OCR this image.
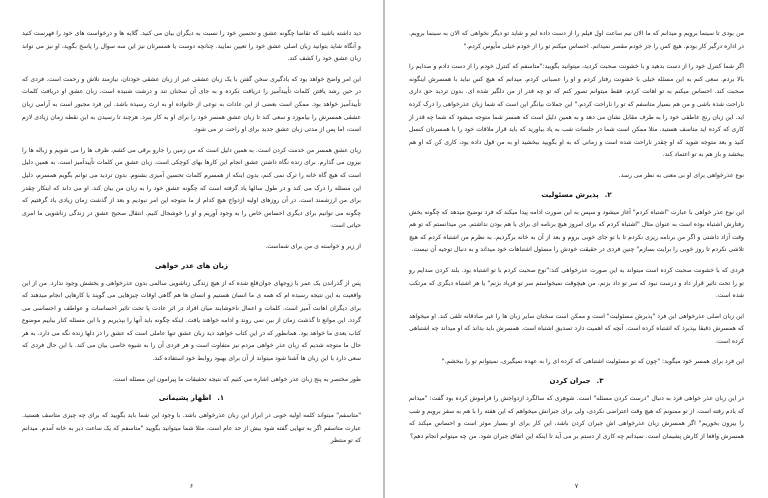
دید داشته باشید که تقاضا چگونه عشق و تحسین خود را نسبت به دیگران بیان می کنید. گلایه ها و درخواست های خود را فهرست کنید و آنگاه شاید بتوانید زبان اصلی عشق خود را تعیین نمایید. چنانچه دوست یا همسرتان نیز این سه سوال را پاسخ بگوید، او نیز می تواند زبان عشق خود را کشف کند.

این امر واضح خواهد بود که یادگیری سخن گفتن با یک زبان عشقی غیر از زبان عشقی خودتان، نیازمند تلاش و رحمت است. فردی که در حین رشد یافتن کلمات تأییدآمیز را دریافت نکرده و به جای آن سخنان تند و درشت شنیده است، زبان عشق او دریافت کلمات تأییدآمیز خواهد بود. ممکن است بعضی از این عادات به نوعی از خانواده او به ارث رسیده باشد. این فرد مجبور است به آرامی زبان عشقی همسرش را بیاموزد و سعی کند تا زبان عشق همسر خود را برای او به کار ببرد. هرچند تا رسیدن به این نقطه زمان زیادی لازم است، اما پس از مدتی زبان عشق جدید برای او راحت تر می شود.

زبان عشق همسر من خدمت کردن است. به همین دلیل است که من زمین را جارو برقی می کشم، ظرف ها را می شویم و زباله ها را بیرون می گذارم. برای زنده نگاه داشتن عشق انجام این کارها بهای کوچکی است. زبان عشق من کلمات تأییدآمیز است. به همین دلیل است که هیچ گاه خانه را ترک نمی کنم، بدون اینکه از همسرم کلمات تحسین آمیزی بشنوم. بدون تردید می توانم بگویم همسرم، دلیل این مسئله را درک می کند و در طول سالها یاد گرفته است که چگونه عشق خود را به زبان من بیان کند. او می داند که اینکار چقدر برای من ارزشمند است. در آن روزهای اولیه ازدواج هیچ کدام از ما متوجه این امر نبودیم و بعد از گذشت زمان زیادی یاد گرفتیم که چگونه می توانیم برای دیگری احساس خاص را به وجود آوریم و او را خوشحال کنیم. انتقال صحیح عشق در زندگی زناشویی ما امری حیاتی است.

از زیر و خواسته ی من برای شماست.

زبان های عذر خواهی

پس از گذراندن یک عمر با زوجهای جوان‌قلع شده که از هیچ زندگی زناشویی سالمی بدون عذرخواهی و بخشش وجود ندارد. من از این واقعیت به این نتیجه رسیده ام که همه ی ما انسان هستیم و انسان ها هم گاهی اوقات چیزهایی می گویند یا کارهایی انجام میدهند که برای دیگران اهانت آمیز است. کلمات و اعمال ناخوشایند میان افراد در اثر عادت یا تحت تاثیر احساسات و عواطف و احساسی می گردد. این موانع تا گذشت زمان از بین نمی روند و ادامه خواهند یافت. اینکه چگونه باید آنها را بپذیریم و با این مسئله کنار بیاییم موضوع کتاب بعدی ما خواهد بود. همانطور که در این کتاب خواهید دید زبان عشق تنها عاملی است که عشق را در دلها زنده نگه می دارد. به هر حال ما متوجه شدیم که زبان عذر خواهی مردم نیز متفاوت است و هر فردی آن را به شیوه خاصی بیان می کند. با این حال فردی که سعی دارد با این زبان ها آشنا شود میتواند از آن برای بهبود روابط خود استفاده کند.

طور مختصر به پنج زبان عذر خواهی اشاره می کنیم که نتیجه تحقیقات ما پیرامون این مسئله است.

۱.اظهار پشیمانی

"متاسفم" میتواند کلمه اولیه خوبی در ابراز این زبان عذرخواهی باشد. با وجود این شما باید بگویید که برای چه چیزی متاسف هستید. عبارت متاسفم اگر به تنهایی گفته شود بیش از حد عام است. مثلا شما میتوانید بگویید "متاسفم که یک ساعت دیر به خانه آمدم. میدانم که تو منتظر

۶

من بودی تا سینما برویم و میدانم که ما الان نیم ساعت اول فیلم را از دست داده ایم و شاید تو دیگر نخواهی که الان به سینما برویم. در اداره درگیر کار بودم. هیچ کس را جز خودم مقصر نمیدانم. احساس میکنم تو را از خودم خیلی مأیوس کردم."

اگر شما کنترل خود را از دست بدهید و با خشونت صحبت کردید، میتوانید بگویید:"متاسفم که کنترل خودم را از دست دادم و صدایم را بالا بردم. سعی کنم به این مسئله خیلی با خشونت رفتار کردم و او را عصبانی کردم. میدانم که هیچ کس نباید با همسرش اینگونه صحبت کند. احساس میکنم به تو اهانت کردم. فقط میتوانم تصور کنم که تو چه قدر از من دلگیر شده ای. بدون تردید حق داری ناراحت شده باشی و من هم بسیار متاسفم که تو را ناراحت کردم." این جملات بیانگر این است که شما زبان عذرخواهی را درک کرده اید. این زبان رنج عاطفی خود را به طرف مقابل نشان می دهد و به همین دلیل است که همسر شما متوجه میشود که شما چه قدر از کاری که کرده اید متاسف هستید. مثلا ممکن است شما در جلسات شب به یاد بیاورید که باید قرار ملاقات خود را با همسرتان کنسل کنید و بعد متوجه شوید که او چقدر ناراحت شده است و زمانی که به او بگویید ببخشید او به من قول داده بود، کاری کن که او هم ببخشد و باز هم به تو اعتماد کند.

نوع عذرخواهی برای او بی معنی به نظر می رسد.

۲.پذیرش مسئولیت

این نوع عذر خواهی با عبارت "اشتباه کردم" آغاز میشود و سپس به این صورت ادامه پیدا میکند که فرد توضیح میدهد که چگونه بخش رفتارش اشتباه بوده است به عنوان مثال "اشتباه کردم که برای امروز هیچ برنامه ای برای با هم بودن نداشتم. من میدانستم که تو هم وقت آزاد داشتی و اگر من برنامه ریزی نکردم تا با تو جای خوبی بروم و بعد از آن به خانه برگردیم. به نظرم من اشتباه کردم که هیچ تلاشی نکردم تا روز خوبی را برایت بسازم" چنین فردی در حقیقت خودش را مسئول اشتباهات خود میداند و به دنبال توجیه آن نیست.

فردی که با خشونت صحبت کرده است میتواند به این صورت عذرخواهی کند:"نوع صحبت کردم با تو اشتباه بود. بلند کردن صدایم رو تو را تحت تاثیر قرار داد و درست نبود که سر تو داد بزنم. من هیچوقت نمیخواستم سر تو فریاد بزنم" یا هر اشتباه دیگری که مرتکب شده است.

این زبان اصلی عذرخواهی این فرد "پذیرش مسئولیت" است و ممکن است سخنان سایر زبان ها را غیر صادقانه تلقی کند. او میخواهد که همسرش دقیقا بپذیرد که اشتباه کرده است. آنچه که اهمیت دارد تصدیق اشتباه است. همسرش باید بداند که او میداند چه اشتباهی کرده است.

این فرد برای همسر خود میگوید: "چون که تو مسئولیت اشتباهی که کرده ای را به عهده نمیگیری، نمیتوانم تو را ببخشم."

۳.جبران کردن

در این زبان عذر خواهی فرد به دنبال "درست کردن مسئله" است. شوهری که سالگرد ازدواجش را فراموش کرده بود گفت: "میدانم که یادم رفته است. از تو ممنونم که هیچ وقت اعتراضی نکردی، ولی برای جبرانش میخواهم که این هفته را با هم به سفر برویم و شب را بیرون بخوریم" اگر همسرش زبان عذرخواهی اش جبران کردن باشد، این کار برای او بسیار موثر است و احساس میکند که همسرش واقعا از کارش پشیمان است. نمیدانم چه کاری از دستم بر می آید تا اینکه این اتفاق جبران شود. من چه میتوانم انجام دهم؟

۷
